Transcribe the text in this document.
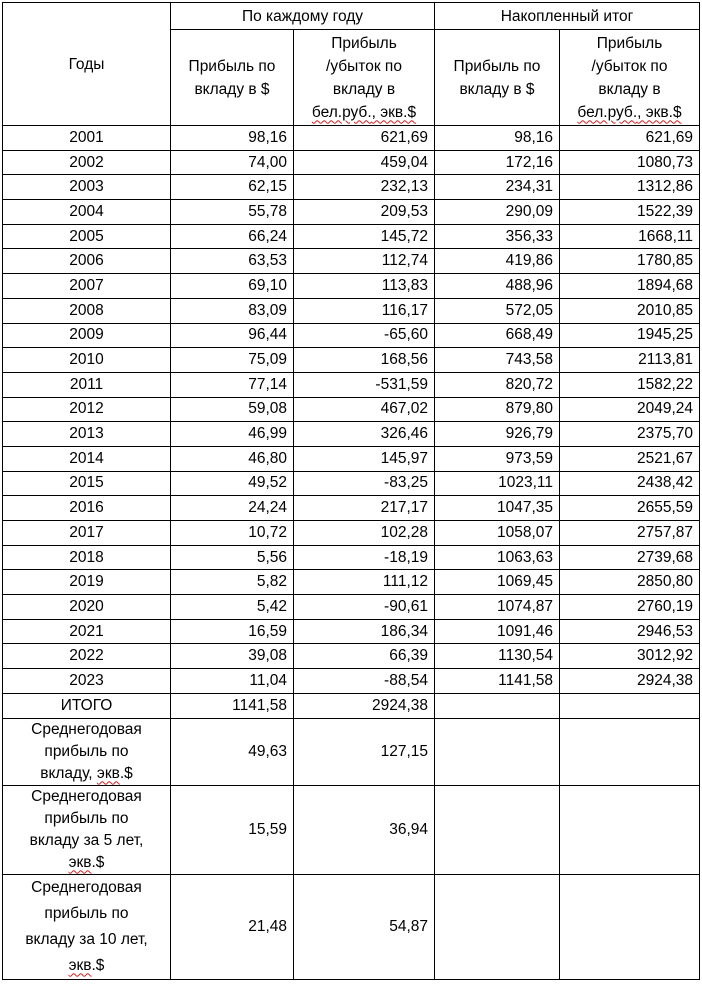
Годы	По каждому году		Накопленный итог	
	Прибыль по вкладу в $	Прибыль
/убыток по
вкладу в
бел.руб., экв.$	Прибыль по вкладу в $	Прибыль
/убыток по
вкладу в
бел.руб., экв.$
2001	98,16	621,69	98,16	621,69
2002	74,00	459,04	172,16	1080,73
2003	62,15	232,13	234,31	1312,86
2004	55,78	209,53	290,09	1522,39
2005	66,24	145,72	356,33	1668,11
2006	63,53	112,74	419,86	1780,85
2007	69,10	113,83	488,96	1894,68
2008	83,09	116,17	572,05	2010,85
2009	96,44	-65,60	668,49	1945,25
2010	75,09	168,56	743,58	2113,81
2011	77,14	-531,59	820,72	1582,22
2012	59,08	467,02	879,80	2049,24
2013	46,99	326,46	926,79	2375,70
2014	46,80	145,97	973,59	2521,67
2015	49,52	-83,25	1023,11	2438,42
2016	24,24	217,17	1047,35	2655,59
2017	10,72	102,28	1058,07	2757,87
2018	5,56	-18,19	1063,63	2739,68
2019	5,82	111,12	1069,45	2850,80
2020	5,42	-90,61	1074,87	2760,19
2021	16,59	186,34	1091,46	2946,53
2022	39,08	66,39	1130,54	3012,92
2023	11,04	-88,54	1141,58	2924,38
ИТОГО	1141,58	2924,38		
Среднегодовая
прибыль по
вкладу, экв.$	49,63	127,15		
Среднегодовая
прибыль по
вкладу за 5 лет,
экв.$	15,59	36,94		
Среднегодовая
прибыль по
вкладу за 10 лет,
экв.$	21,48	54,87		
